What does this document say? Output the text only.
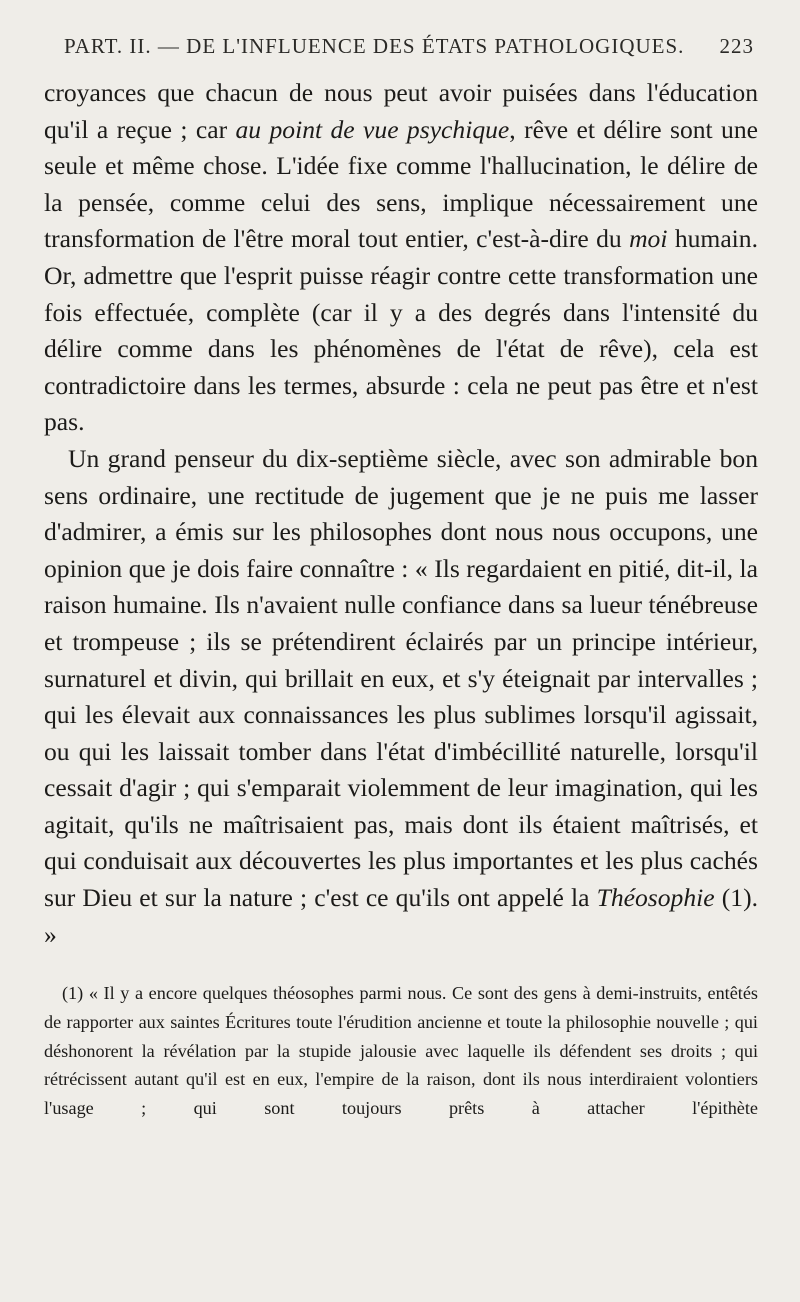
PART. II. — DE L'INFLUENCE DES ÉTATS PATHOLOGIQUES. 223

croyances que chacun de nous peut avoir puisées dans l'éducation qu'il a reçue ; car au point de vue psychique, rêve et délire sont une seule et même chose. L'idée fixe comme l'hallucination, le délire de la pensée, comme celui des sens, implique nécessairement une transformation de l'être moral tout entier, c'est-à-dire du moi humain. Or, admettre que l'esprit puisse réagir contre cette transformation une fois effectuée, complète (car il y a des degrés dans l'intensité du délire comme dans les phénomènes de l'état de rêve), cela est contradictoire dans les termes, absurde : cela ne peut pas être et n'est pas.

Un grand penseur du dix-septième siècle, avec son admirable bon sens ordinaire, une rectitude de jugement que je ne puis me lasser d'admirer, a émis sur les philosophes dont nous nous occupons, une opinion que je dois faire connaître : « Ils regardaient en pitié, dit-il, la raison humaine. Ils n'avaient nulle confiance dans sa lueur ténébreuse et trompeuse ; ils se prétendirent éclairés par un principe intérieur, surnaturel et divin, qui brillait en eux, et s'y éteignait par intervalles ; qui les élevait aux connaissances les plus sublimes lorsqu'il agissait, ou qui les laissait tomber dans l'état d'imbécillité naturelle, lorsqu'il cessait d'agir ; qui s'emparait violemment de leur imagination, qui les agitait, qu'ils ne maîtrisaient pas, mais dont ils étaient maîtrisés, et qui conduisait aux découvertes les plus importantes et les plus cachés sur Dieu et sur la nature ; c'est ce qu'ils ont appelé la Théosophie (1). »

(1) « Il y a encore quelques théosophes parmi nous. Ce sont des gens à demi-instruits, entêtés de rapporter aux saintes Écritures toute l'érudition ancienne et toute la philosophie nouvelle ; qui déshonorent la révélation par la stupide jalousie avec laquelle ils défendent ses droits ; qui rétrécissent autant qu'il est en eux, l'empire de la raison, dont ils nous interdiraient volontiers l'usage ; qui sont toujours prêts à attacher l'épithète
